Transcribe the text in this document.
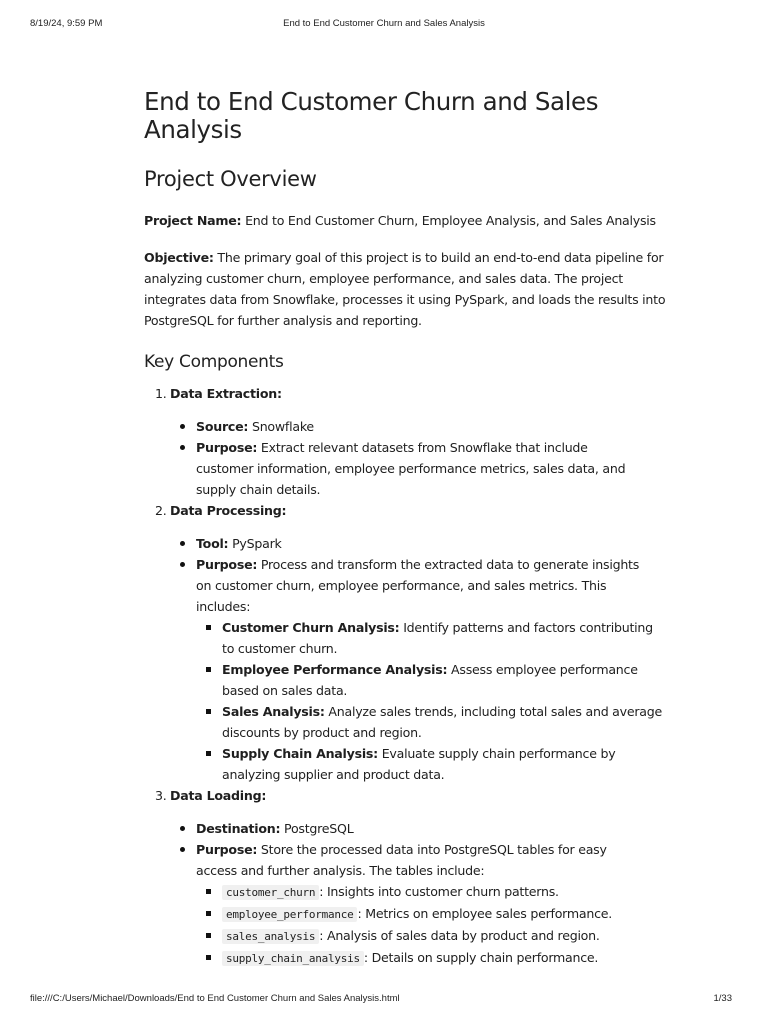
8/19/24, 9:59 PM	End to End Customer Churn and Sales Analysis
End to End Customer Churn and Sales Analysis
Project Overview

Project Name: End to End Customer Churn, Employee Analysis, and Sales Analysis

Objective: The primary goal of this project is to build an end-to-end data pipeline for analyzing customer churn, employee performance, and sales data. The project integrates data from Snowflake, processes it using PySpark, and loads the results into PostgreSQL for further analysis and reporting.

Key Components
1. Data Extraction:
Source: Snowflake
Purpose: Extract relevant datasets from Snowflake that include customer information, employee performance metrics, sales data, and supply chain details.
2. Data Processing:
Tool: PySpark
Purpose: Process and transform the extracted data to generate insights on customer churn, employee performance, and sales metrics. This includes:
Customer Churn Analysis: Identify patterns and factors contributing to customer churn.
Employee Performance Analysis: Assess employee performance based on sales data.
Sales Analysis: Analyze sales trends, including total sales and average discounts by product and region.
Supply Chain Analysis: Evaluate supply chain performance by analyzing supplier and product data.
3. Data Loading:
Destination: PostgreSQL
Purpose: Store the processed data into PostgreSQL tables for easy access and further analysis. The tables include:
customer_churn : Insights into customer churn patterns.
employee_performance : Metrics on employee sales performance.
sales_analysis : Analysis of sales data by product and region.
supply_chain_analysis : Details on supply chain performance.
file:///C:/Users/Michael/Downloads/End to End Customer Churn and Sales Analysis.html	1/33
